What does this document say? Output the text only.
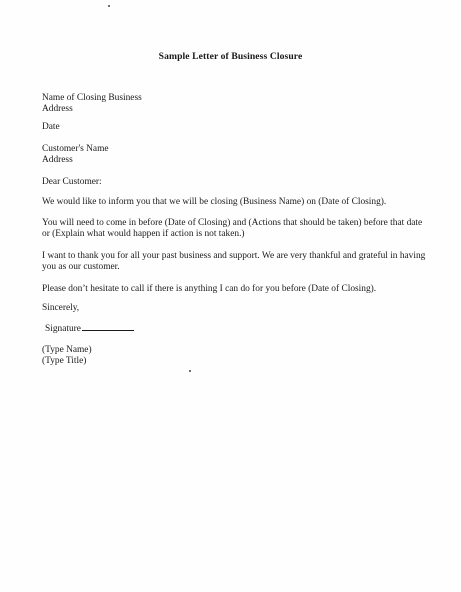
Sample Letter of Business Closure
Name of Closing Business
Address
Date
Customer's Name
Address
Dear Customer:
We would like to inform you that we will be closing (Business Name) on (Date of Closing).
You will need to come in before (Date of Closing) and (Actions that should be taken) before that date
or (Explain what would happen if action is not taken.)
I want to thank you for all your past business and support. We are very thankful and grateful in having
you as our customer.
Please don’t hesitate to call if there is anything I can do for you before (Date of Closing).
Sincerely,
Signature
(Type Name)
(Type Title)
